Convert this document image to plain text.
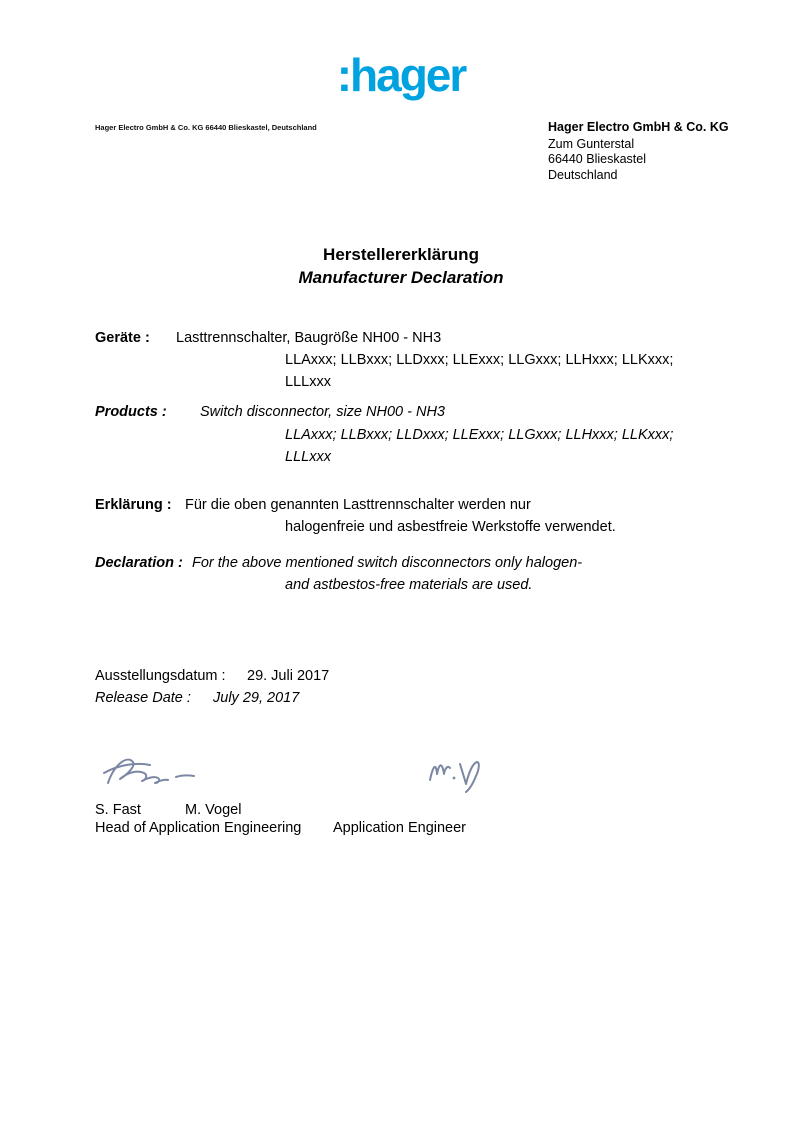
:hager
Hager Electro GmbH & Co. KG 66440 Blieskastel, Deutschland	Hager Electro GmbH & Co. KG
Zum Gunterstal
66440 Blieskastel
Deutschland
Herstellererklärung
Manufacturer Declaration
Geräte : Lasttrennschalter, Baugröße NH00 - NH3
LLAxxx; LLBxxx; LLDxxx; LLExxx; LLGxxx; LLHxxx; LLKxxx;
LLLxxx
Products : Switch disconnector, size NH00 - NH3
LLAxxx; LLBxxx; LLDxxx; LLExxx; LLGxxx; LLHxxx; LLKxxx;
LLLxxx
Erklärung : Für die oben genannten Lasttrennschalter werden nur
halogenfreie und asbestfreie Werkstoffe verwendet.
Declaration : For the above mentioned switch disconnectors only halogen-
and astbestos-free materials are used.
Ausstellungsdatum : 29. Juli 2017
Release Date : July 29, 2017
S. Fast	M. Vogel
Head of Application Engineering Application Engineer
